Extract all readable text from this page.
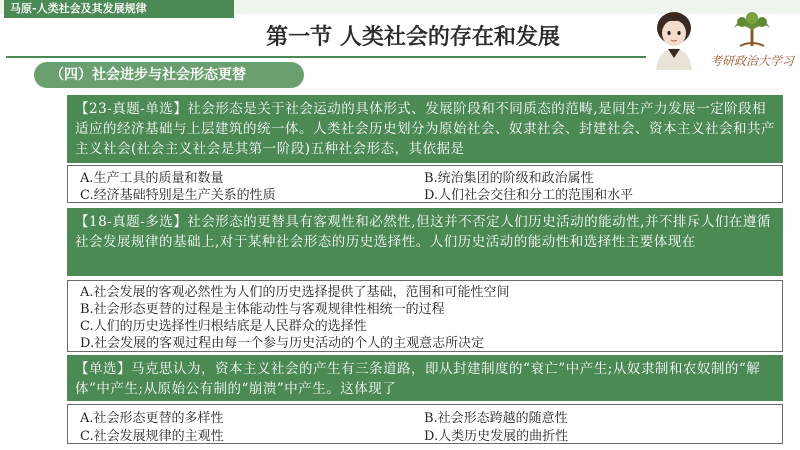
马原-人类社会及其发展规律
第一节 人类社会的存在和发展
（四）社会进步与社会形态更替
考研政治大学习
【23-真题-单选】社会形态是关于社会运动的具体形式、发展阶段和不同质态的范畴,是同生产力发展一定阶段相适应的经济基础与上层建筑的统一体。人类社会历史划分为原始社会、奴隶社会、封建社会、资本主义社会和共产主义社会(社会主义社会是其第一阶段)五种社会形态，其依据是
A.生产工具的质量和数量	B.统治集团的阶级和政治属性
C.经济基础特别是生产关系的性质	D.人们社会交往和分工的范围和水平
【18-真题-多选】社会形态的更替具有客观性和必然性,但这并不否定人们历史活动的能动性,并不排斥人们在遵循社会发展规律的基础上,对于某种社会形态的历史选择性。人们历史活动的能动性和选择性主要体现在
A.社会发展的客观必然性为人们的历史选择提供了基础，范围和可能性空间
B.社会形态更替的过程是主体能动性与客观规律性相统一的过程
C.人们的历史选择性归根结底是人民群众的选择性
D.社会发展的客观过程由每一个参与历史活动的个人的主观意志所决定
【单选】马克思认为，资本主义社会的产生有三条道路，即从封建制度的“衰亡”中产生;从奴隶制和农奴制的“解体”中产生;从原始公有制的“崩溃”中产生。这体现了
A.社会形态更替的多样性	B.社会形态跨越的随意性
C.社会发展规律的主观性	D.人类历史发展的曲折性
